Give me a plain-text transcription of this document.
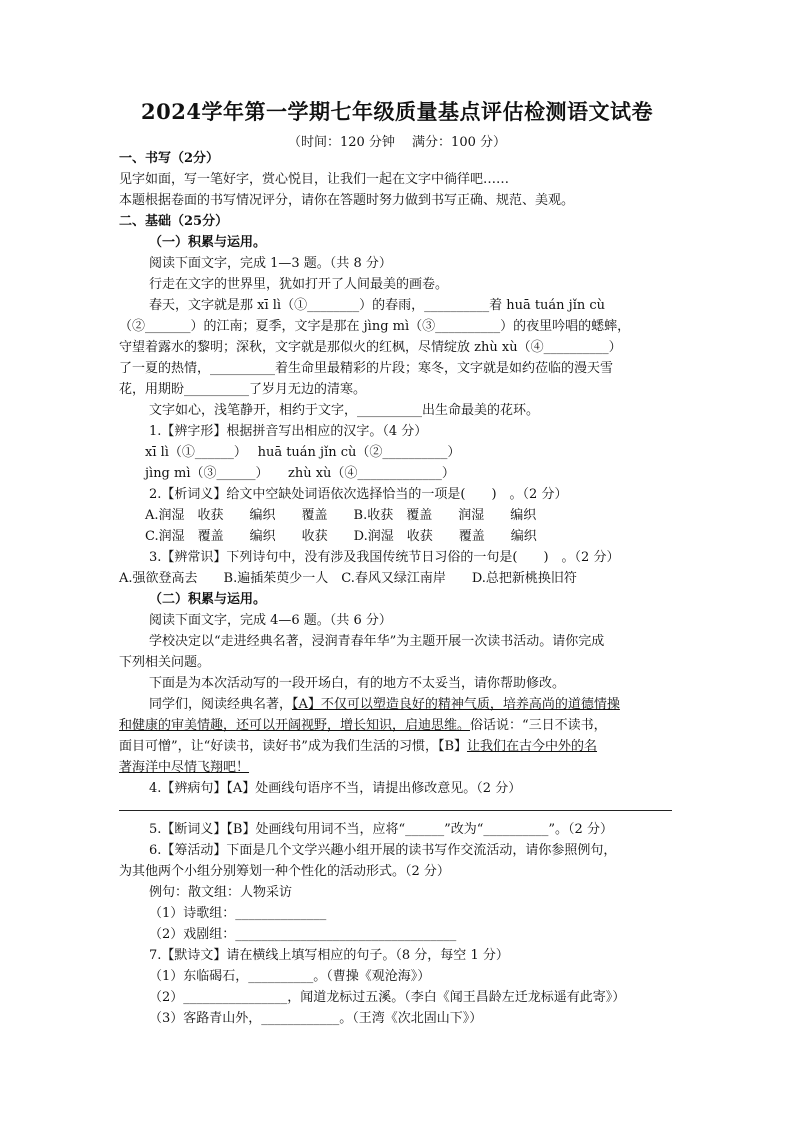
2024学年第一学期七年级质量基点评估检测语文试卷
（时间：120 分钟　 满分：100 分）
一、书写（2分）
见字如面，写一笔好字，赏心悦目，让我们一起在文字中徜徉吧……
本题根据卷面的书写情况评分，请你在答题时努力做到书写正确、规范、美观。
二、基础（25分）
（一）积累与运用。
阅读下面文字，完成 1—3 题。（共 8 分）
行走在文字的世界里，犹如打开了人间最美的画卷。
春天，文字就是那 xī lì（①________）的春雨，__________着 huā tuán jǐn cù
（②_______）的江南；夏季，文字是那在 jìng mì（③__________）的夜里吟唱的蟋蟀，
守望着露水的黎明；深秋，文字就是那似火的红枫，尽情绽放 zhù xù（④__________）
了一夏的热情，__________着生命里最精彩的片段；寒冬，文字就是如约莅临的漫天雪
花，用期盼__________了岁月无边的清寒。
文字如心，浅笔静开，相约于文字，__________出生命最美的花环。
1.【辨字形】根据拼音写出相应的汉字。（4 分）
xī lì（①______）　 huā tuán jǐn cù（②__________）
jìng mì（③______）　　zhù xù（④_____________）
2.【析词义】给文中空缺处词语依次选择恰当的一项是(　　)　。（2 分）
A.润湿　收获　　编织　　覆盖　　B.收获　覆盖　　润湿　　编织
C.润湿　覆盖　　编织　　收获　　D.润湿　收获　　覆盖　　编织
3.【辨常识】下列诗句中，没有涉及我国传统节日习俗的一句是(　　)　。（2 分）
A.强欲登高去　　B.遍插茱萸少一人　C.春风又绿江南岸　　D.总把新桃换旧符
（二）积累与运用。
阅读下面文字，完成 4—6 题。（共 6 分）
学校决定以“走进经典名著，浸润青春年华”为主题开展一次读书活动。请你完成
下列相关问题。
下面是为本次活动写的一段开场白，有的地方不太妥当，请你帮助修改。
同学们，阅读经典名著，【A】不仅可以塑造良好的精神气质，培养高尚的道德情操
和健康的审美情趣，还可以开阔视野，增长知识，启迪思维。俗话说：“三日不读书，
面目可憎”，让“好读书，读好书”成为我们生活的习惯，【B】让我们在古今中外的名
著海洋中尽情飞翔吧！
4.【辨病句】【A】处画线句语序不当，请提出修改意见。（2 分）
5.【断词义】【B】处画线句用词不当，应将“______”改为“__________”。（2 分）
6.【筹活动】下面是几个文学兴趣小组开展的读书写作交流活动，请你参照例句，
为其他两个小组分别筹划一种个性化的活动形式。（2 分）
例句：散文组：人物采访
（1）诗歌组：______________
（2）戏剧组：__________________________________
7.【默诗文】请在横线上填写相应的句子。（8 分，每空 1 分）
（1）东临碣石，__________。（曹操《观沧海》）
（2）________________，闻道龙标过五溪。（李白《闻王昌龄左迁龙标遥有此寄》）
（3）客路青山外，____________。（王湾《次北固山下》）
